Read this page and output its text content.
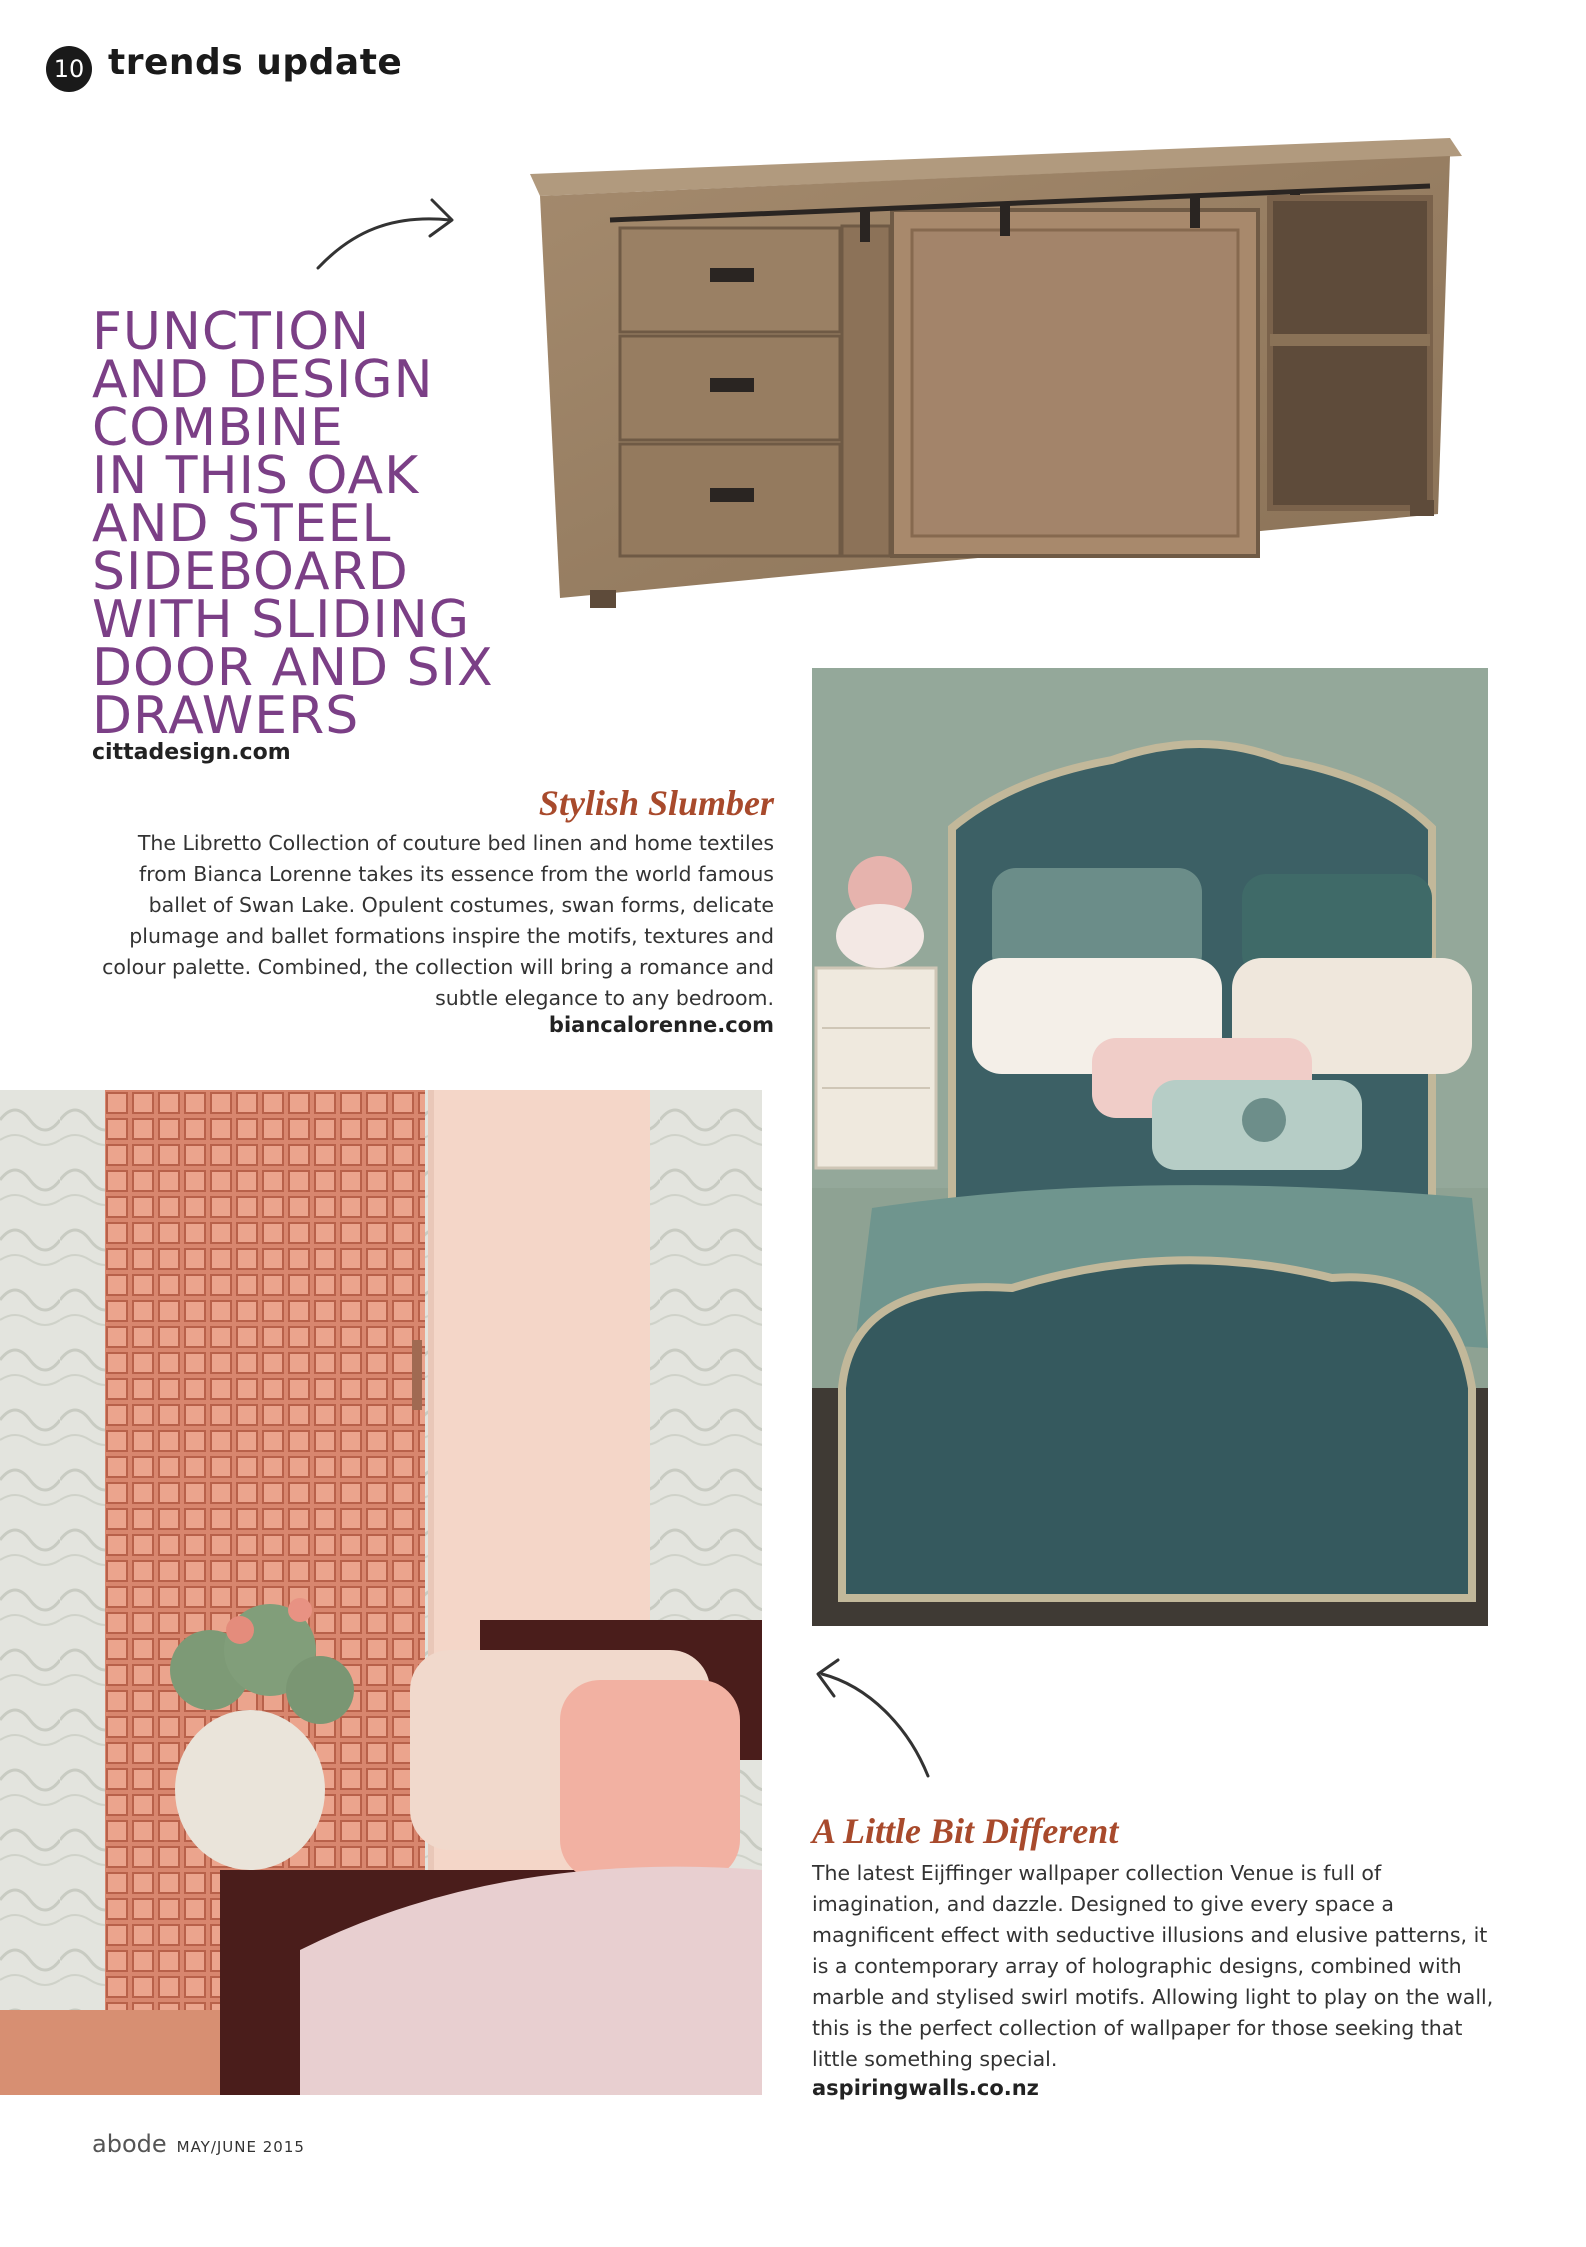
10 trends update
FUNCTION
AND DESIGN
COMBINE
IN THIS OAK
AND STEEL
SIDEBOARD
WITH SLIDING
DOOR AND SIX
DRAWERS
cittadesign.com
Stylish Slumber
The Libretto Collection of couture bed linen and home textiles from Bianca Lorenne takes its essence from the world famous ballet of Swan Lake. Opulent costumes, swan forms, delicate plumage and ballet formations inspire the motifs, textures and colour palette. Combined, the collection will bring a romance and subtle elegance to any bedroom.
biancalorenne.com
A Little Bit Different
The latest Eijffinger wallpaper collection Venue is full of imagination, and dazzle. Designed to give every space a magnificent effect with seductive illusions and elusive patterns, it is a contemporary array of holographic designs, combined with marble and stylised swirl motifs. Allowing light to play on the wall, this is the perfect collection of wallpaper for those seeking that little something special.
aspiringwalls.co.nz
abode MAY/JUNE 2015
